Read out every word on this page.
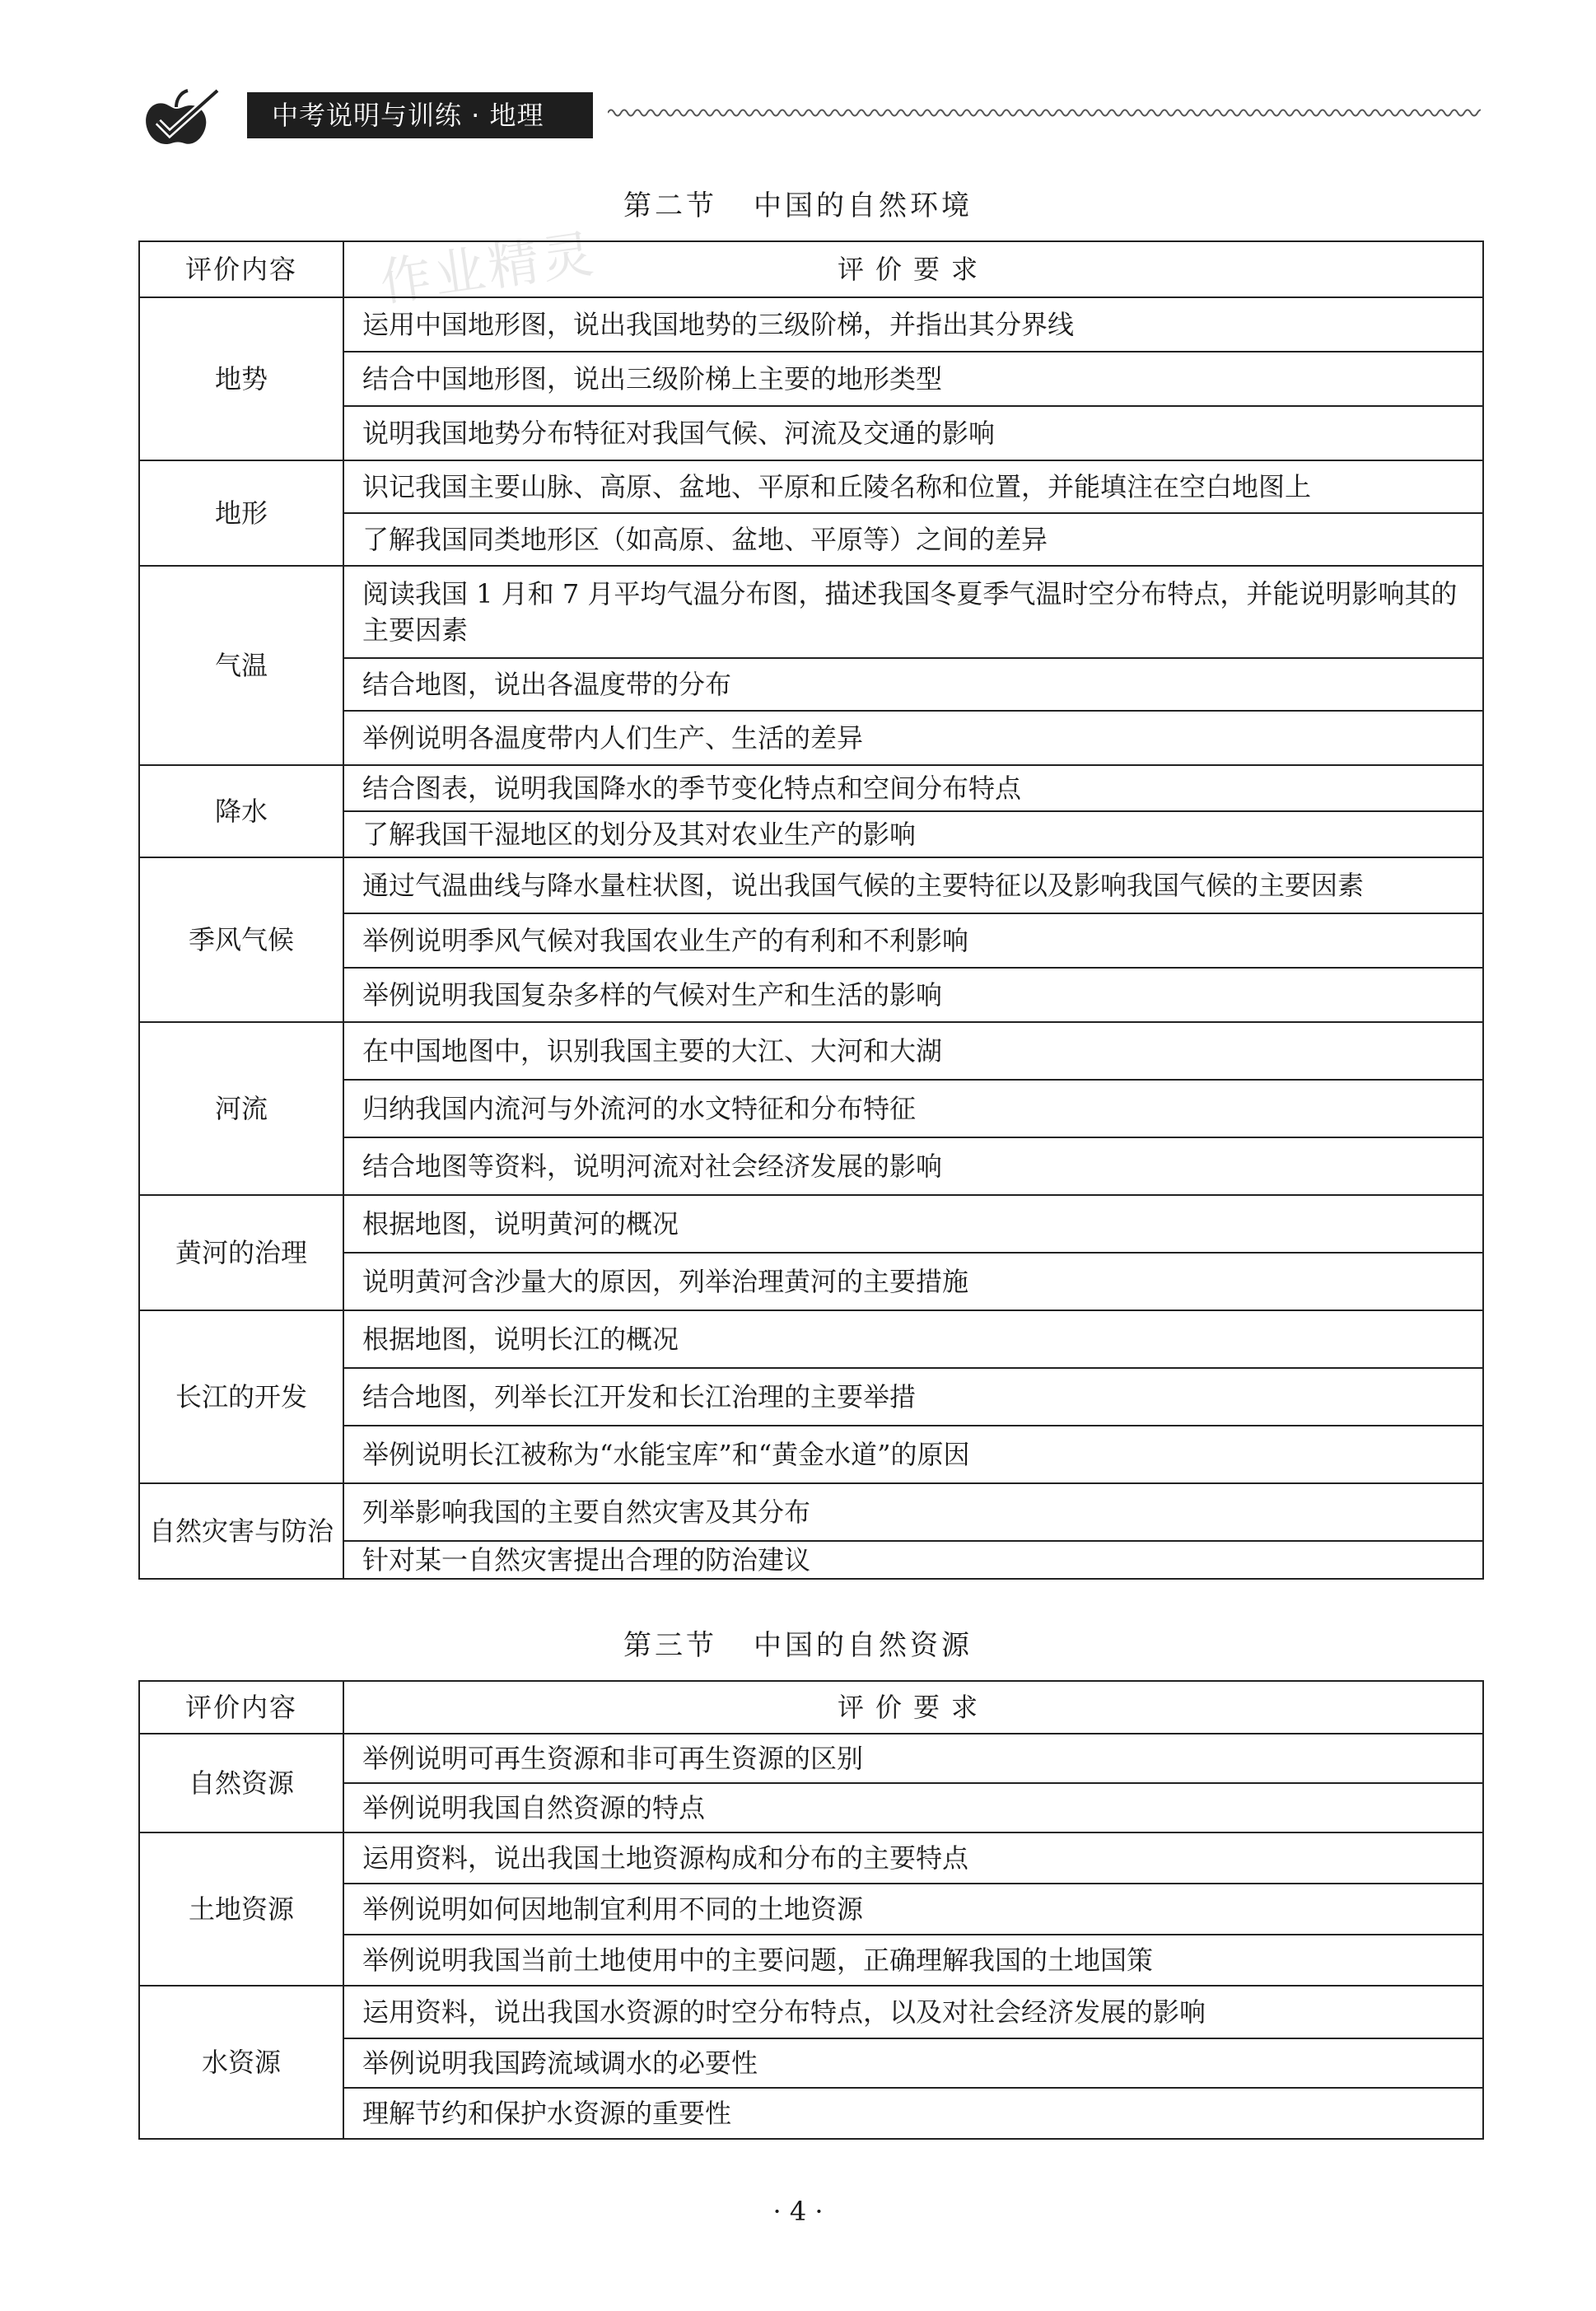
中考说明与训练 · 地理
第二节 中国的自然环境
作业精灵
评价内容	评价要求
地势	运用中国地形图，说出我国地势的三级阶梯，并指出其分界线
	结合中国地形图，说出三级阶梯上主要的地形类型
	说明我国地势分布特征对我国气候、河流及交通的影响
地形	识记我国主要山脉、高原、盆地、平原和丘陵名称和位置，并能填注在空白地图上
	了解我国同类地形区（如高原、盆地、平原等）之间的差异
气温	阅读我国 1 月和 7 月平均气温分布图，描述我国冬夏季气温时空分布特点，并能说明影响其的主要因素
	结合地图，说出各温度带的分布
	举例说明各温度带内人们生产、生活的差异
降水	结合图表，说明我国降水的季节变化特点和空间分布特点
	了解我国干湿地区的划分及其对农业生产的影响
季风气候	通过气温曲线与降水量柱状图，说出我国气候的主要特征以及影响我国气候的主要因素
	举例说明季风气候对我国农业生产的有利和不利影响
	举例说明我国复杂多样的气候对生产和生活的影响
河流	在中国地图中，识别我国主要的大江、大河和大湖
	归纳我国内流河与外流河的水文特征和分布特征
	结合地图等资料，说明河流对社会经济发展的影响
黄河的治理	根据地图，说明黄河的概况
	说明黄河含沙量大的原因，列举治理黄河的主要措施
长江的开发	根据地图，说明长江的概况
	结合地图，列举长江开发和长江治理的主要举措
	举例说明长江被称为“水能宝库”和“黄金水道”的原因
自然灾害与防治	列举影响我国的主要自然灾害及其分布
	针对某一自然灾害提出合理的防治建议
第三节 中国的自然资源
评价内容	评价要求
自然资源	举例说明可再生资源和非可再生资源的区别
	举例说明我国自然资源的特点
土地资源	运用资料，说出我国土地资源构成和分布的主要特点
	举例说明如何因地制宜利用不同的土地资源
	举例说明我国当前土地使用中的主要问题，正确理解我国的土地国策
水资源	运用资料，说出我国水资源的时空分布特点，以及对社会经济发展的影响
	举例说明我国跨流域调水的必要性
	理解节约和保护水资源的重要性
· 4 ·
